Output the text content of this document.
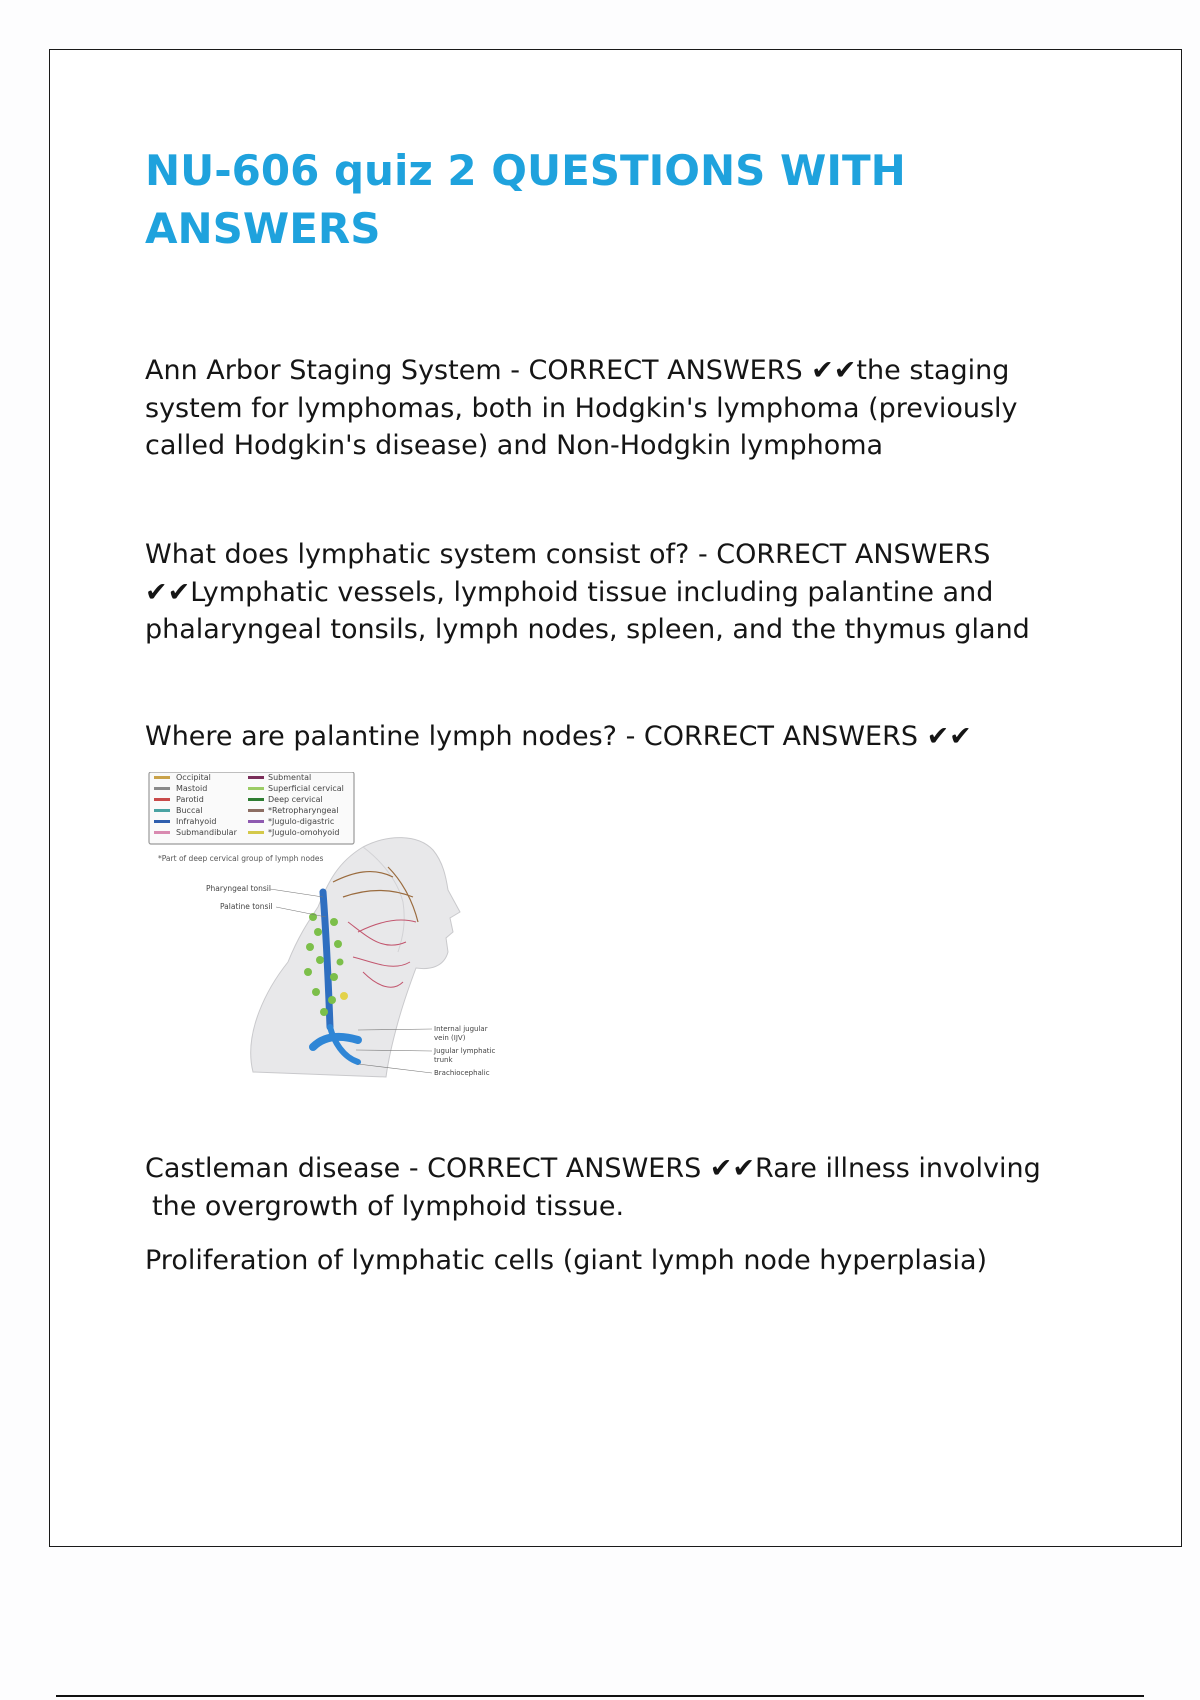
NU-606 quiz 2 QUESTIONS WITH ANSWERS

Ann Arbor Staging System - CORRECT ANSWERS ✔✔the staging system for lymphomas, both in Hodgkin's lymphoma (previously called Hodgkin's disease) and Non-Hodgkin lymphoma

What does lymphatic system consist of? - CORRECT ANSWERS ✔✔Lymphatic vessels, lymphoid tissue including palantine and phalaryngeal tonsils, lymph nodes, spleen, and the thymus gland

Where are palantine lymph nodes? - CORRECT ANSWERS ✔✔

Occipital
Mastoid
Parotid
Buccal
Infrahyoid
Submandibular
Submental
Superficial cervical
Deep cervical
*Retropharyngeal
*Jugulo-digastric
*Jugulo-omohyoid
*Part of deep cervical group of lymph nodes
Pharyngeal tonsil
Palatine tonsil
Internal jugular
vein (IJV)
Jugular lymphatic
trunk
Brachiocephalic

Castleman disease - CORRECT ANSWERS ✔✔Rare illness involving
the overgrowth of lymphoid tissue.

Proliferation of lymphatic cells (giant lymph node hyperplasia)
